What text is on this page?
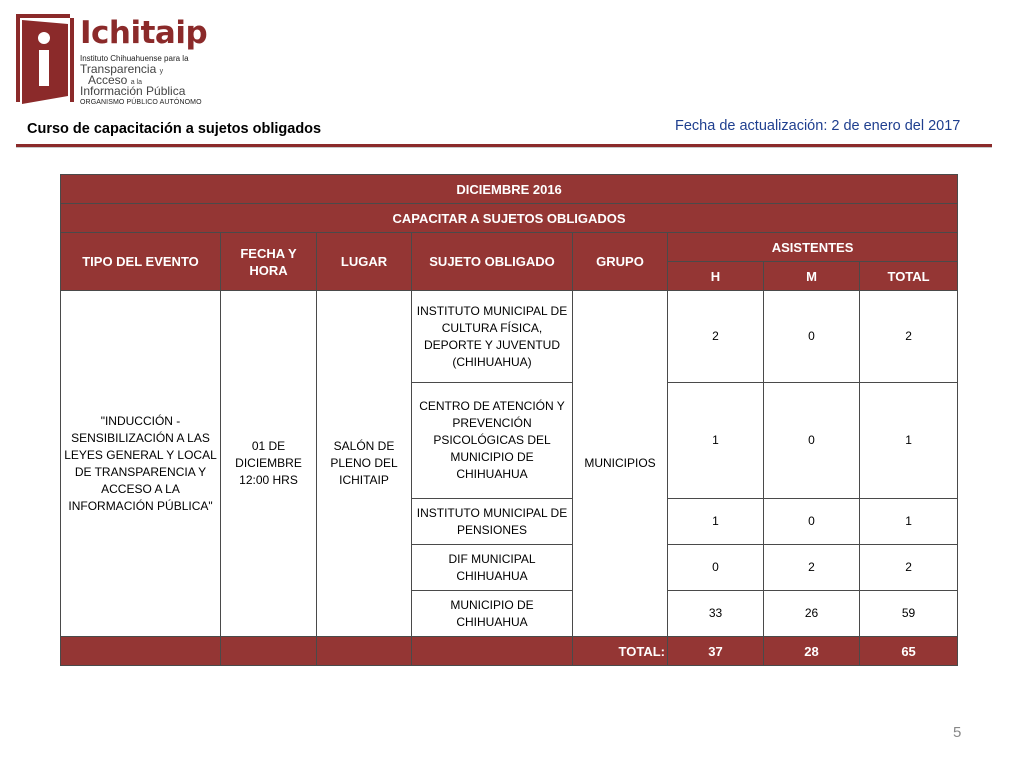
Ichitaip
Instituto Chihuahuense para la
Transparencia y
Acceso a la
Información Pública
ORGANISMO PÚBLICO AUTÓNOMO
Curso de capacitación a sujetos obligados	Fecha de actualización: 2 de enero del 2017
DICIEMBRE 2016							
CAPACITAR A SUJETOS OBLIGADOS							
TIPO DEL EVENTO	FECHA Y HORA	LUGAR	SUJETO OBLIGADO	GRUPO	ASISTENTES		
					H	M	TOTAL
"INDUCCIÓN - SENSIBILIZACIÓN A LAS LEYES GENERAL Y LOCAL DE TRANSPARENCIA Y ACCESO A LA INFORMACIÓN PÚBLICA"	01 DE DICIEMBRE 12:00 HRS	SALÓN DE PLENO DEL ICHITAIP	INSTITUTO MUNICIPAL DE CULTURA FÍSICA, DEPORTE Y JUVENTUD (CHIHUAHUA)	MUNICIPIOS	2	0	2
			CENTRO DE ATENCIÓN Y PREVENCIÓN PSICOLÓGICAS DEL MUNICIPIO DE CHIHUAHUA		1	0	1
			INSTITUTO MUNICIPAL DE PENSIONES		1	0	1
			DIF MUNICIPAL CHIHUAHUA		0	2	2
			MUNICIPIO DE CHIHUAHUA		33	26	59
				TOTAL:	37	28	65
5
